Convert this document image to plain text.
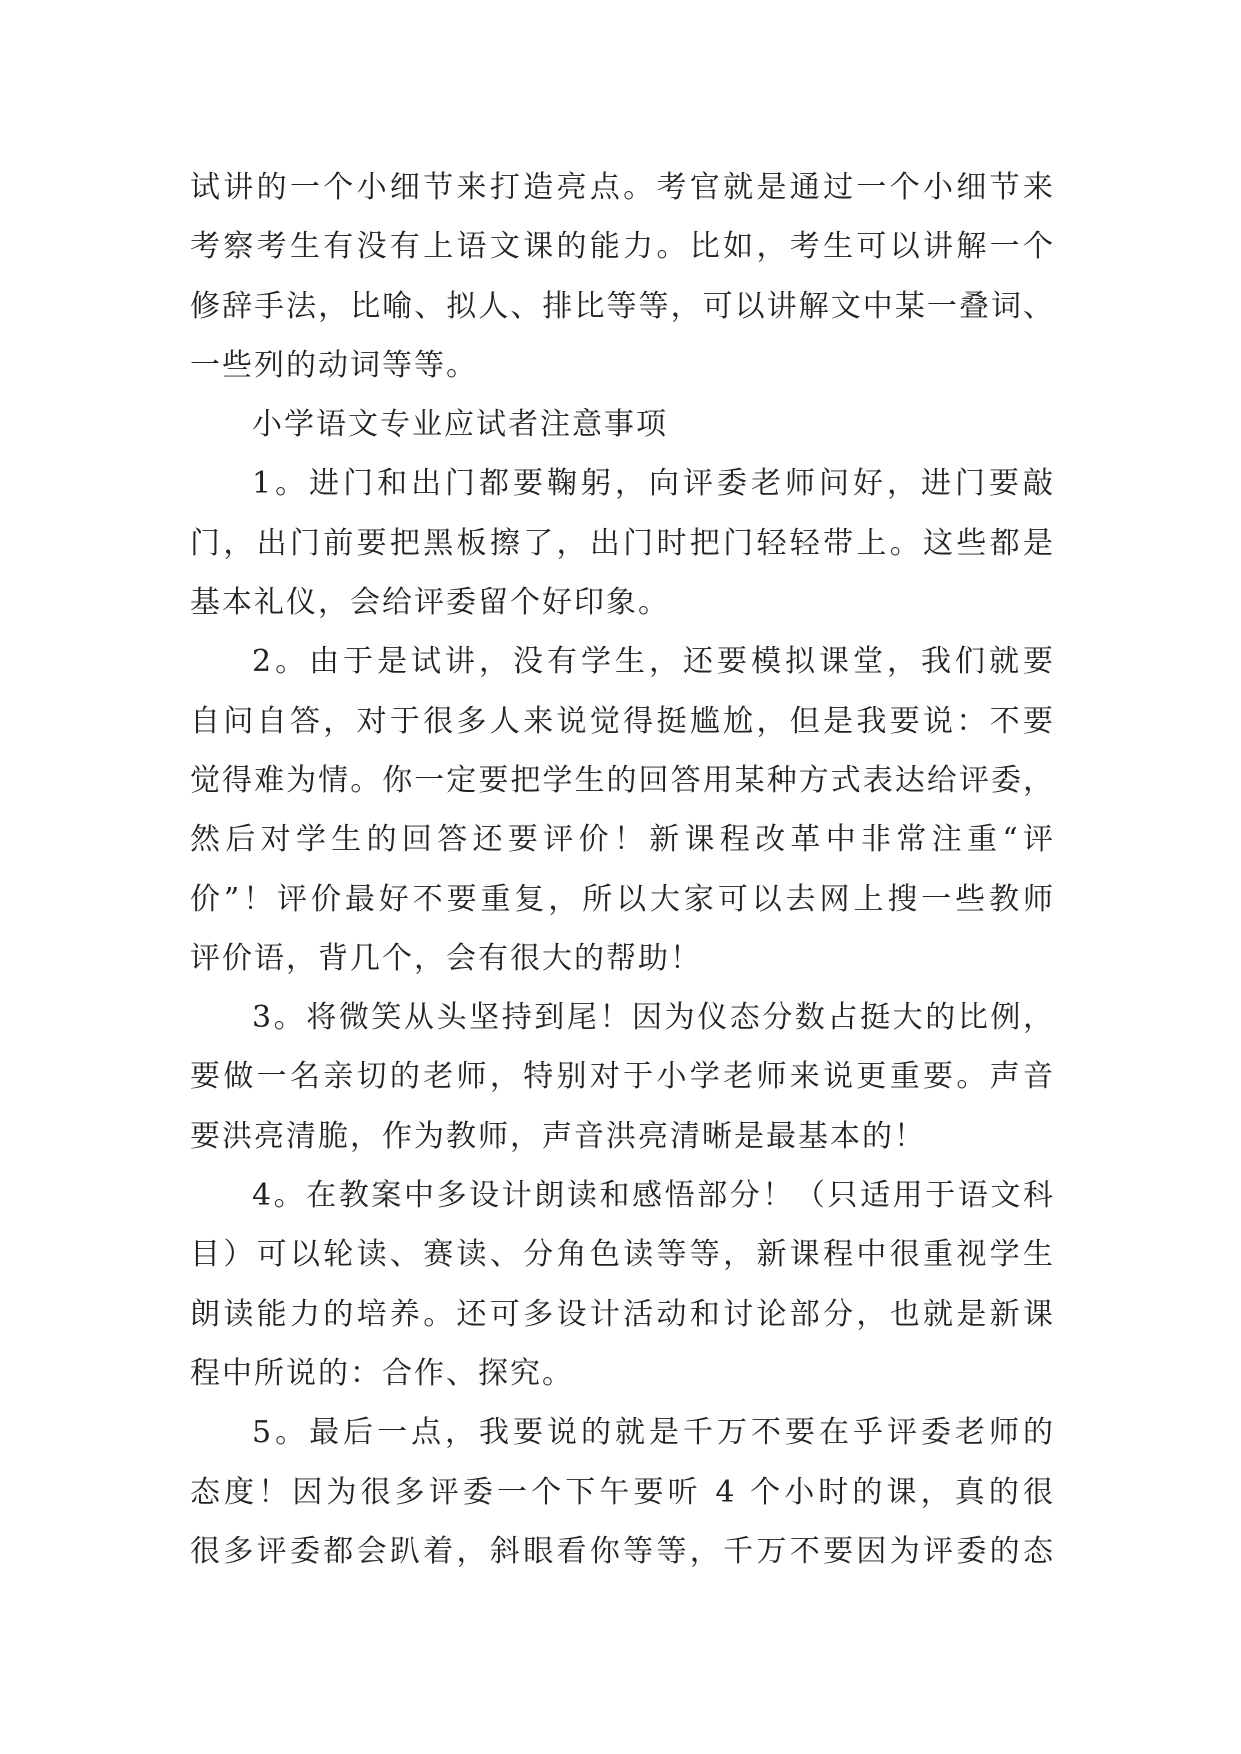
试讲的一个小细节来打造亮点。考官就是通过一个小细节来
考察考生有没有上语文课的能力。比如，考生可以讲解一个
修辞手法，比喻、拟人、排比等等，可以讲解文中某一叠词、
一些列的动词等等。
小学语文专业应试者注意事项
1。进门和出门都要鞠躬，向评委老师问好，进门要敲
门，出门前要把黑板擦了，出门时把门轻轻带上。这些都是
基本礼仪，会给评委留个好印象。
2。由于是试讲，没有学生，还要模拟课堂，我们就要
自问自答，对于很多人来说觉得挺尴尬，但是我要说：不要
觉得难为情。你一定要把学生的回答用某种方式表达给评委，
然后对学生的回答还要评价！新课程改革中非常注重“评
价”！评价最好不要重复，所以大家可以去网上搜一些教师
评价语，背几个，会有很大的帮助！
3。将微笑从头坚持到尾！因为仪态分数占挺大的比例，
要做一名亲切的老师，特别对于小学老师来说更重要。声音
要洪亮清脆，作为教师，声音洪亮清晰是最基本的！
4。在教案中多设计朗读和感悟部分！（只适用于语文科
目）可以轮读、赛读、分角色读等等，新课程中很重视学生
朗读能力的培养。还可多设计活动和讨论部分，也就是新课
程中所说的：合作、探究。
5。最后一点，我要说的就是千万不要在乎评委老师的
态度！因为很多评委一个下午要听 4 个小时的课，真的很
很多评委都会趴着，斜眼看你等等，千万不要因为评委的态
